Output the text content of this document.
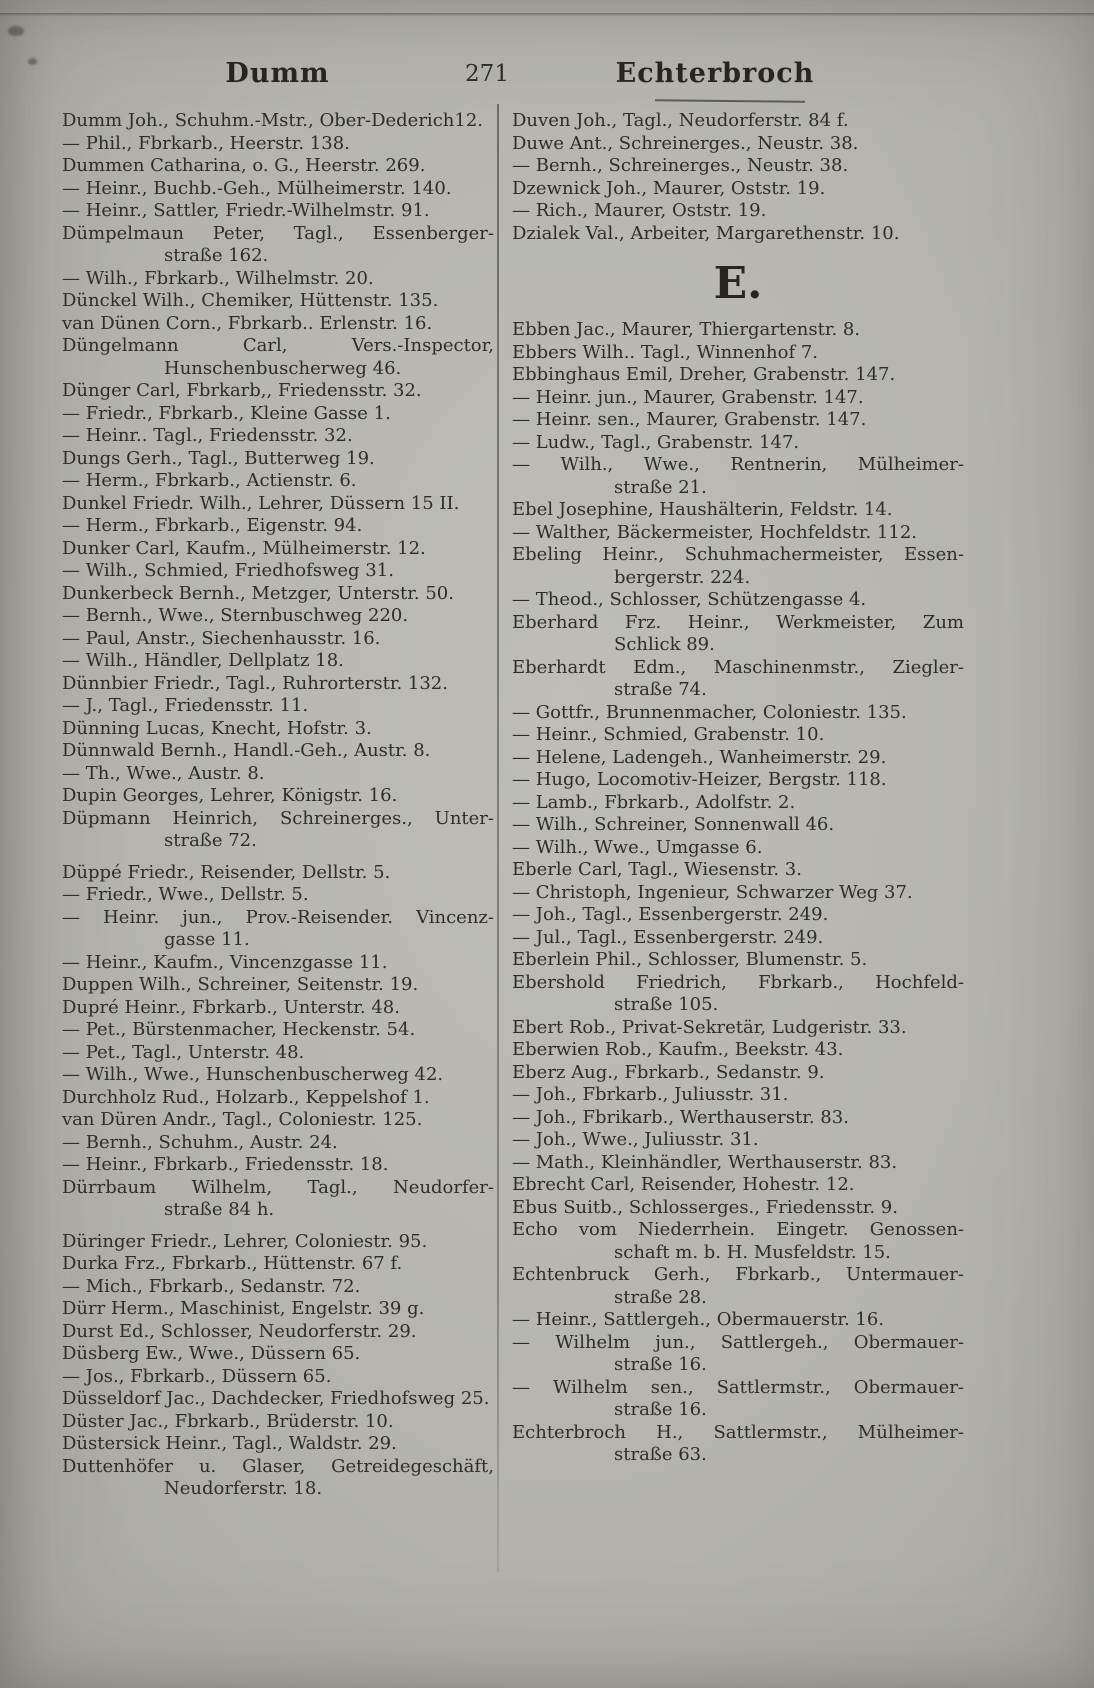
Dumm	271	Echterbroch
Dumm Joh., Schuhm.-Mstr., Ober-Dederich12.
— Phil., Fbrkarb., Heerstr. 138.
Dummen Catharina, o. G., Heerstr. 269.
— Heinr., Buchb.-Geh., Mülheimerstr. 140.
— Heinr., Sattler, Friedr.-Wilhelmstr. 91.
Dümpelmaun Peter, Tagl., Essenberger-
straße 162.
— Wilh., Fbrkarb., Wilhelmstr. 20.
Dünckel Wilh., Chemiker, Hüttenstr. 135.
van Dünen Corn., Fbrkarb.. Erlenstr. 16.
Düngelmann Carl, Vers.-Inspector,
Hunschenbuscherweg 46.
Dünger Carl, Fbrkarb,, Friedensstr. 32.
— Friedr., Fbrkarb., Kleine Gasse 1.
— Heinr.. Tagl., Friedensstr. 32.
Dungs Gerh., Tagl., Butterweg 19.
— Herm., Fbrkarb., Actienstr. 6.
Dunkel Friedr. Wilh., Lehrer, Düssern 15 II.
— Herm., Fbrkarb., Eigenstr. 94.
Dunker Carl, Kaufm., Mülheimerstr. 12.
— Wilh., Schmied, Friedhofsweg 31.
Dunkerbeck Bernh., Metzger, Unterstr. 50.
— Bernh., Wwe., Sternbuschweg 220.
— Paul, Anstr., Siechenhausstr. 16.
— Wilh., Händler, Dellplatz 18.
Dünnbier Friedr., Tagl., Ruhrorterstr. 132.
— J., Tagl., Friedensstr. 11.
Dünning Lucas, Knecht, Hofstr. 3.
Dünnwald Bernh., Handl.-Geh., Austr. 8.
— Th., Wwe., Austr. 8.
Dupin Georges, Lehrer, Königstr. 16.
Düpmann Heinrich, Schreinerges., Unter-
straße 72.
Düppé Friedr., Reisender, Dellstr. 5.
— Friedr., Wwe., Dellstr. 5.
— Heinr. jun., Prov.-Reisender. Vincenz-
gasse 11.
— Heinr., Kaufm., Vincenzgasse 11.
Duppen Wilh., Schreiner, Seitenstr. 19.
Dupré Heinr., Fbrkarb., Unterstr. 48.
— Pet., Bürstenmacher, Heckenstr. 54.
— Pet., Tagl., Unterstr. 48.
— Wilh., Wwe., Hunschenbuscherweg 42.
Durchholz Rud., Holzarb., Keppelshof 1.
van Düren Andr., Tagl., Coloniestr. 125.
— Bernh., Schuhm., Austr. 24.
— Heinr., Fbrkarb., Friedensstr. 18.
Dürrbaum Wilhelm, Tagl., Neudorfer-
straße 84 h.
Düringer Friedr., Lehrer, Coloniestr. 95.
Durka Frz., Fbrkarb., Hüttenstr. 67 f.
— Mich., Fbrkarb., Sedanstr. 72.
Dürr Herm., Maschinist, Engelstr. 39 g.
Durst Ed., Schlosser, Neudorferstr. 29.
Düsberg Ew., Wwe., Düssern 65.
— Jos., Fbrkarb., Düssern 65.
Düsseldorf Jac., Dachdecker, Friedhofsweg 25.
Düster Jac., Fbrkarb., Brüderstr. 10.
Düstersick Heinr., Tagl., Waldstr. 29.
Duttenhöfer u. Glaser, Getreidegeschäft,
Neudorferstr. 18.
Duven Joh., Tagl., Neudorferstr. 84 f.
Duwe Ant., Schreinerges., Neustr. 38.
— Bernh., Schreinerges., Neustr. 38.
Dzewnick Joh., Maurer, Oststr. 19.
— Rich., Maurer, Oststr. 19.
Dzialek Val., Arbeiter, Margarethenstr. 10.
E.
Ebben Jac., Maurer, Thiergartenstr. 8.
Ebbers Wilh.. Tagl., Winnenhof 7.
Ebbinghaus Emil, Dreher, Grabenstr. 147.
— Heinr. jun., Maurer, Grabenstr. 147.
— Heinr. sen., Maurer, Grabenstr. 147.
— Ludw., Tagl., Grabenstr. 147.
— Wilh., Wwe., Rentnerin, Mülheimer-
straße 21.
Ebel Josephine, Haushälterin, Feldstr. 14.
— Walther, Bäckermeister, Hochfeldstr. 112.
Ebeling Heinr., Schuhmachermeister, Essen-
bergerstr. 224.
— Theod., Schlosser, Schützengasse 4.
Eberhard Frz. Heinr., Werkmeister, Zum
Schlick 89.
Eberhardt Edm., Maschinenmstr., Ziegler-
straße 74.
— Gottfr., Brunnenmacher, Coloniestr. 135.
— Heinr., Schmied, Grabenstr. 10.
— Helene, Ladengeh., Wanheimerstr. 29.
— Hugo, Locomotiv-Heizer, Bergstr. 118.
— Lamb., Fbrkarb., Adolfstr. 2.
— Wilh., Schreiner, Sonnenwall 46.
— Wilh., Wwe., Umgasse 6.
Eberle Carl, Tagl., Wiesenstr. 3.
— Christoph, Ingenieur, Schwarzer Weg 37.
— Joh., Tagl., Essenbergerstr. 249.
— Jul., Tagl., Essenbergerstr. 249.
Eberlein Phil., Schlosser, Blumenstr. 5.
Ebershold Friedrich, Fbrkarb., Hochfeld-
straße 105.
Ebert Rob., Privat-Sekretär, Ludgeristr. 33.
Eberwien Rob., Kaufm., Beekstr. 43.
Eberz Aug., Fbrkarb., Sedanstr. 9.
— Joh., Fbrkarb., Juliusstr. 31.
— Joh., Fbrikarb., Werthauserstr. 83.
— Joh., Wwe., Juliusstr. 31.
— Math., Kleinhändler, Werthauserstr. 83.
Ebrecht Carl, Reisender, Hohestr. 12.
Ebus Suitb., Schlosserges., Friedensstr. 9.
Echo vom Niederrhein. Eingetr. Genossen-
schaft m. b. H. Musfeldstr. 15.
Echtenbruck Gerh., Fbrkarb., Untermauer-
straße 28.
— Heinr., Sattlergeh., Obermauerstr. 16.
— Wilhelm jun., Sattlergeh., Obermauer-
straße 16.
— Wilhelm sen., Sattlermstr., Obermauer-
straße 16.
Echterbroch H., Sattlermstr., Mülheimer-
straße 63.
